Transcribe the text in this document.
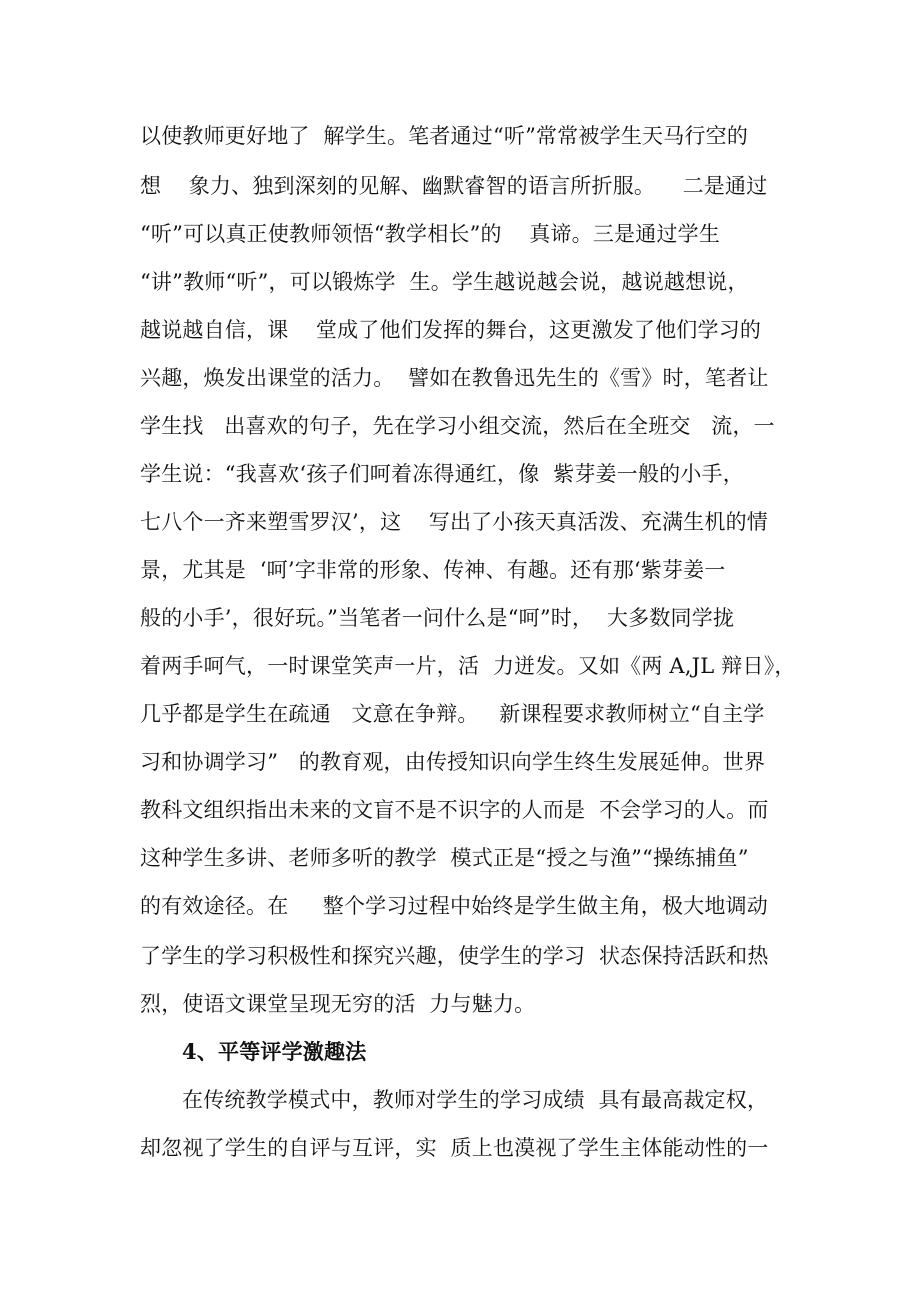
以使教师更好地了  解学生。笔者通过“听”常常被学生天马行空的
想    象力、独到深刻的见解、幽默睿智的语言所折服。    二是通过
“听”可以真正使教师领悟“教学相长”的    真谛。三是通过学生
“讲”教师“听”，可以锻炼学  生。学生越说越会说，越说越想说，
越说越自信，课    堂成了他们发挥的舞台，这更激发了他们学习的
兴趣，焕发出课堂的活力。  譬如在教鲁迅先生的《雪》时，笔者让
学生找   出喜欢的句子，先在学习小组交流，然后在全班交   流，一
学生说：“我喜欢‘孩子们呵着冻得通红，像  紫芽姜一般的小手，
七八个一齐来塑雪罗汉’，这    写出了小孩天真活泼、充满生机的情
景，尤其是  ‘呵’字非常的形象、传神、有趣。还有那‘紫芽姜一
般的小手’，很好玩。”当笔者一问什么是“呵”时，  大多数同学拢
着两手呵气，一时课堂笑声一片，活  力迸发。又如《两 A,JL 辩日》，
几乎都是学生在疏通   文意在争辩。   新课程要求教师树立“自主学
习和协调学习”   的教育观，由传授知识向学生终生发展延伸。世界
教科文组织指出未来的文盲不是不识字的人而是  不会学习的人。而
这种学生多讲、老师多听的教学  模式正是“授之与渔”“操练捕鱼”
的有效途径。在     整个学习过程中始终是学生做主角，极大地调动
了学生的学习积极性和探究兴趣，使学生的学习  状态保持活跃和热
烈，使语文课堂呈现无穷的活  力与魅力。
4、平等评学激趣法
在传统教学模式中，教师对学生的学习成绩  具有最高裁定权，
却忽视了学生的自评与互评，实  质上也漠视了学生主体能动性的一
